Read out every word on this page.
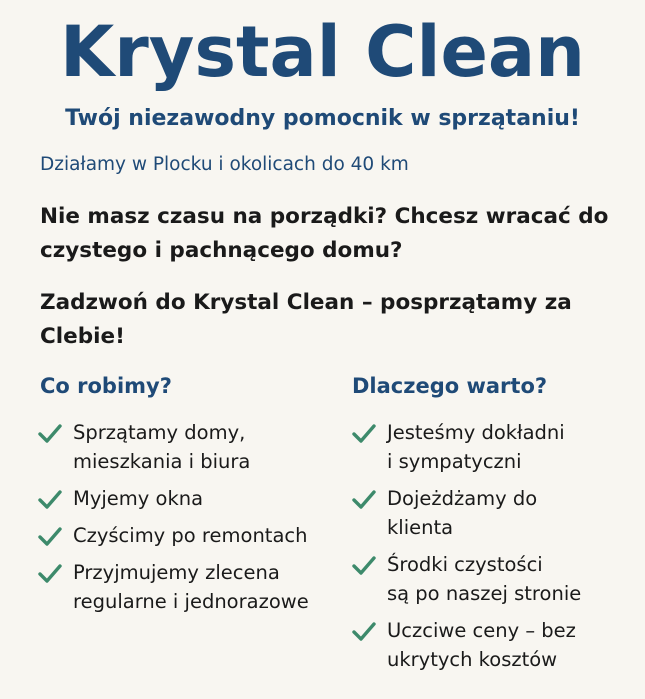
Krystal Clean
Twój niezawodny pomocnik w sprzątaniu!
Działamy w Plocku i okolicach do 40 km
Nie masz czasu na porządki? Chcesz wracać do czystego i pachnącego domu?
Zadzwoń do Krystal Clean – posprzątamy za Clebie!
Co robimy?	Dlaczego warto?
Sprzątamy domy,
mieszkania i biura
Myjemy okna
Czyścimy po remontach
Przyjmujemy zlecena
regularne i jednorazowe
Jesteśmy dokładni
i sympatyczni
Dojeżdżamy do
klienta
Środki czystości
są po naszej stronie
Uczciwe ceny – bez
ukrytych kosztów
